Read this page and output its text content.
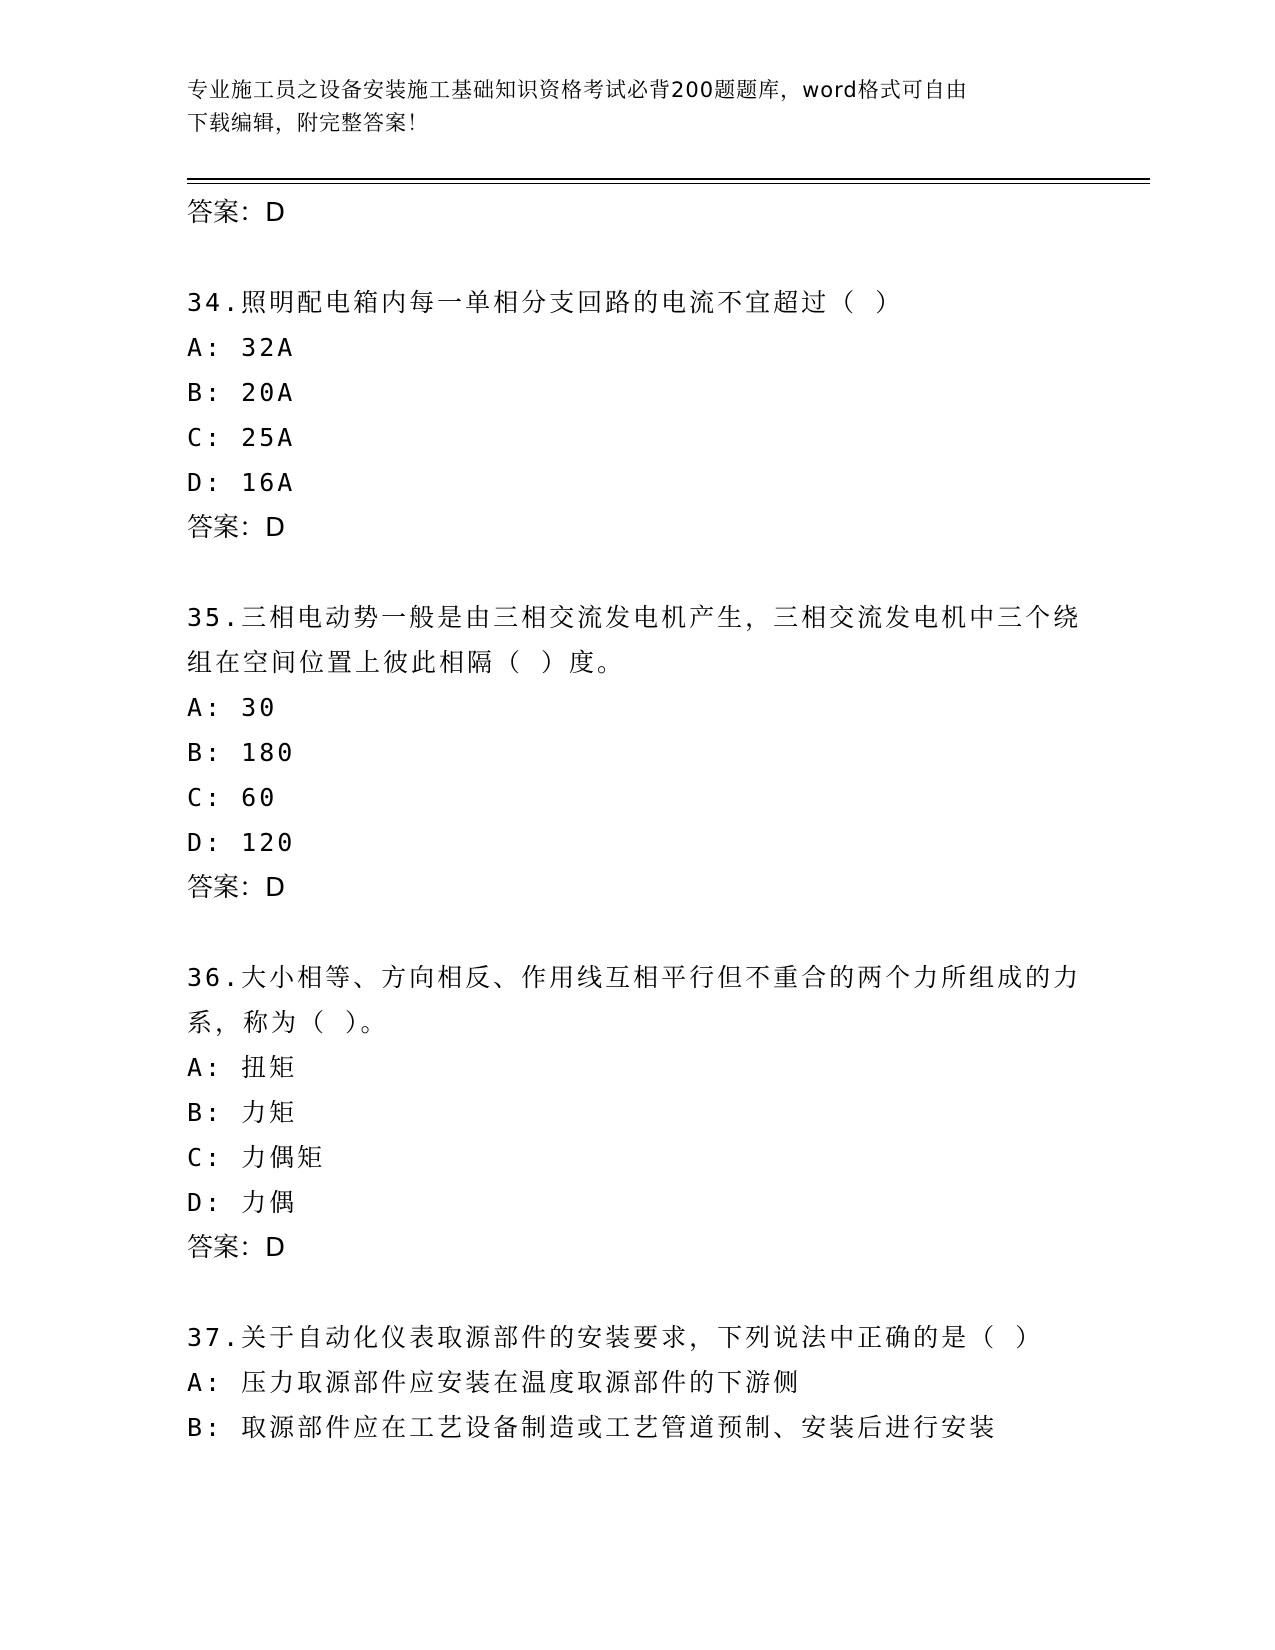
专业施工员之设备安装施工基础知识资格考试必背200题题库，word格式可自由
下载编辑，附完整答案！

答案：D

34.照明配电箱内每一单相分支回路的电流不宜超过（ ）

A: 32A

B: 20A

C: 25A

D: 16A

答案：D

35.三相电动势一般是由三相交流发电机产生，三相交流发电机中三个绕组在空间位置上彼此相隔（ ）度。

A: 30

B: 180

C: 60

D: 120

答案：D

36.大小相等、方向相反、作用线互相平行但不重合的两个力所组成的力系，称为（ ）。

A: 扭矩

B: 力矩

C: 力偶矩

D: 力偶

答案：D

37.关于自动化仪表取源部件的安装要求，下列说法中正确的是（ ）

A: 压力取源部件应安装在温度取源部件的下游侧

B: 取源部件应在工艺设备制造或工艺管道预制、安装后进行安装
